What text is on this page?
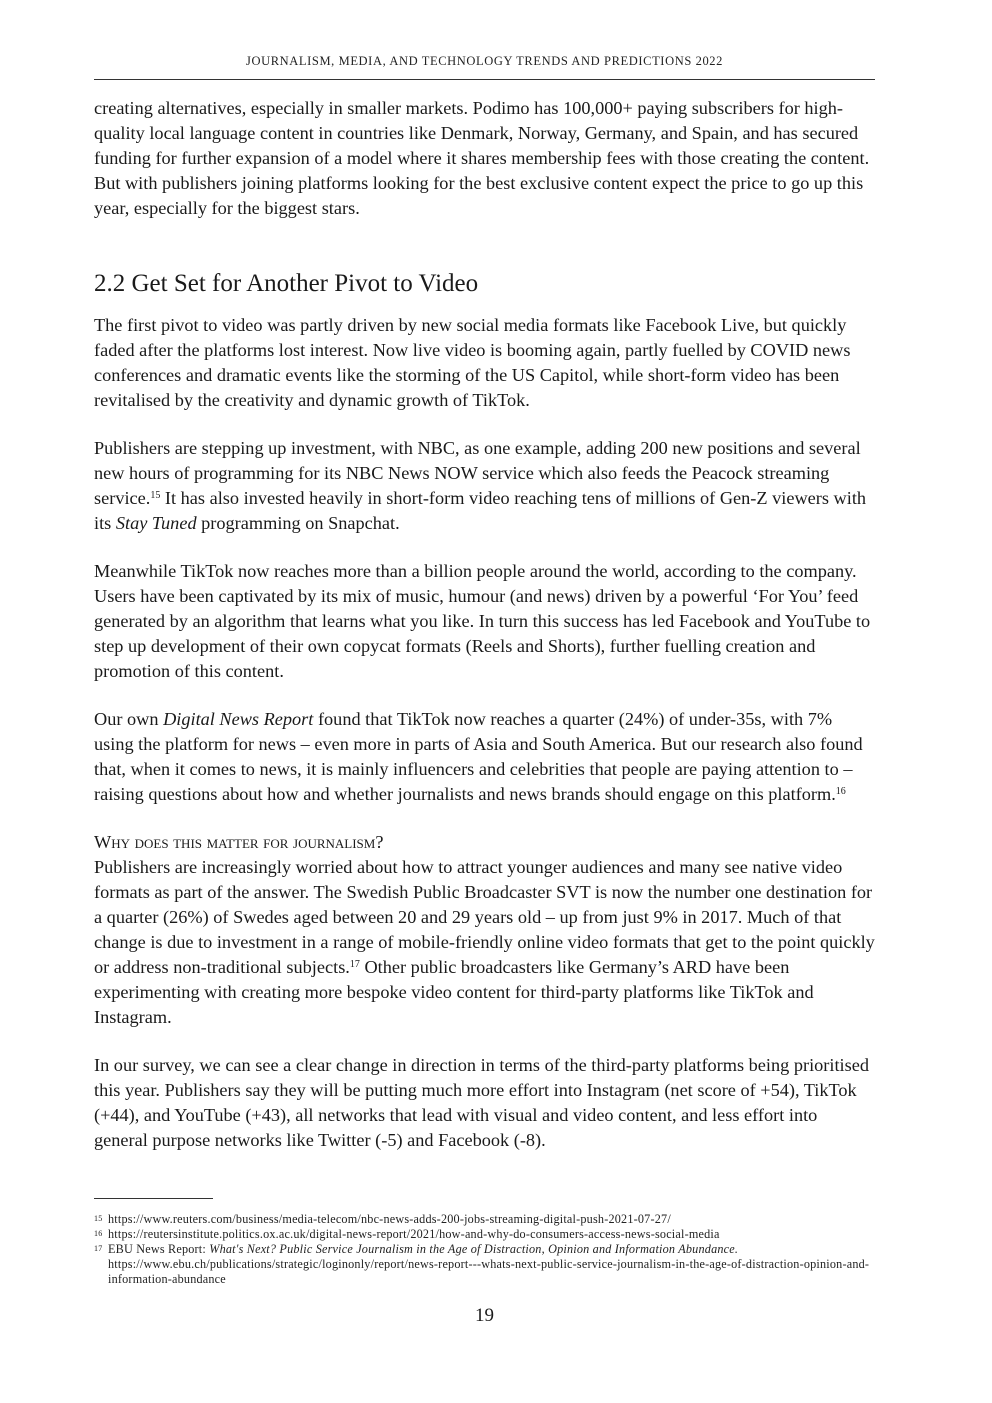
JOURNALISM, MEDIA, AND TECHNOLOGY TRENDS AND PREDICTIONS 2022

creating alternatives, especially in smaller markets. Podimo has 100,000+ paying subscribers for high-quality local language content in countries like Denmark, Norway, Germany, and Spain, and has secured funding for further expansion of a model where it shares membership fees with those creating the content. But with publishers joining platforms looking for the best exclusive content expect the price to go up this year, especially for the biggest stars.

2.2 Get Set for Another Pivot to Video

The first pivot to video was partly driven by new social media formats like Facebook Live, but quickly faded after the platforms lost interest. Now live video is booming again, partly fuelled by COVID news conferences and dramatic events like the storming of the US Capitol, while short-form video has been revitalised by the creativity and dynamic growth of TikTok.

Publishers are stepping up investment, with NBC, as one example, adding 200 new positions and several new hours of programming for its NBC News NOW service which also feeds the Peacock streaming service.$^{15}$ It has also invested heavily in short-form video reaching tens of millions of Gen-Z viewers with its Stay Tuned programming on Snapchat.

Meanwhile TikTok now reaches more than a billion people around the world, according to the company. Users have been captivated by its mix of music, humour (and news) driven by a powerful ‘For You’ feed generated by an algorithm that learns what you like. In turn this success has led Facebook and YouTube to step up development of their own copycat formats (Reels and Shorts), further fuelling creation and promotion of this content.

Our own Digital News Report found that TikTok now reaches a quarter (24%) of under-35s, with 7% using the platform for news – even more in parts of Asia and South America. But our research also found that, when it comes to news, it is mainly influencers and celebrities that people are paying attention to – raising questions about how and whether journalists and news brands should engage on this platform.$^{16}$

Why does this matter for journalism?

Publishers are increasingly worried about how to attract younger audiences and many see native video formats as part of the answer. The Swedish Public Broadcaster SVT is now the number one destination for a quarter (26%) of Swedes aged between 20 and 29 years old – up from just 9% in 2017. Much of that change is due to investment in a range of mobile-friendly online video formats that get to the point quickly or address non-traditional subjects.$^{17}$ Other public broadcasters like Germany’s ARD have been experimenting with creating more bespoke video content for third-party platforms like TikTok and Instagram.

In our survey, we can see a clear change in direction in terms of the third-party platforms being prioritised this year. Publishers say they will be putting much more effort into Instagram (net score of +54), TikTok (+44), and YouTube (+43), all networks that lead with visual and video content, and less effort into general purpose networks like Twitter (-5) and Facebook (-8).

15 https://www.reuters.com/business/media-telecom/nbc-news-adds-200-jobs-streaming-digital-push-2021-07-27/
16 https://reutersinstitute.politics.ox.ac.uk/digital-news-report/2021/how-and-why-do-consumers-access-news-social-media
17 EBU News Report: What's Next? Public Service Journalism in the Age of Distraction, Opinion and Information Abundance. https://www.ebu.ch/publications/strategic/loginonly/report/news-report---whats-next-public-service-journalism-in-the-age-of-distraction-opinion-and-information-abundance
19
